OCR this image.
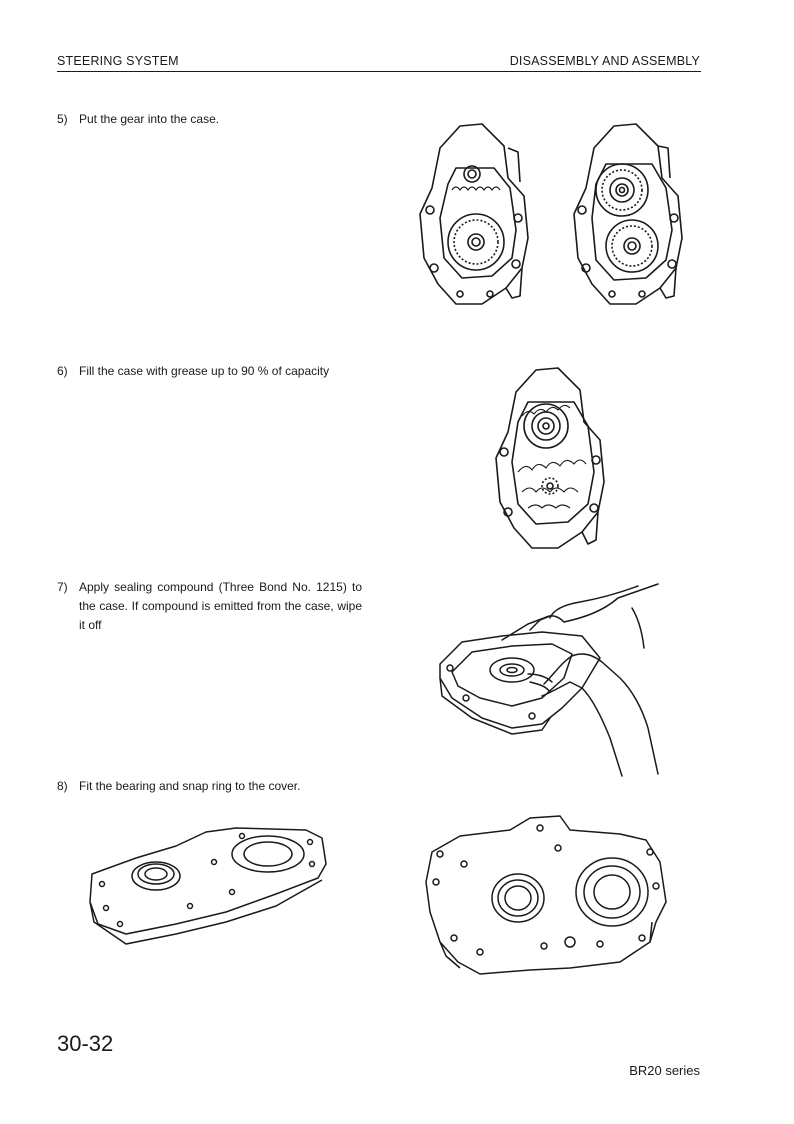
STEERING SYSTEM	DISASSEMBLY AND ASSEMBLY
5) Put the gear into the case.
6) Fill the case with grease up to 90 % of capacity
7) Apply sealing compound (Three Bond No. 1215) to the case. If compound is emitted from the case, wipe it off
8) Fit the bearing and snap ring to the cover.
30-32
BR20 series
